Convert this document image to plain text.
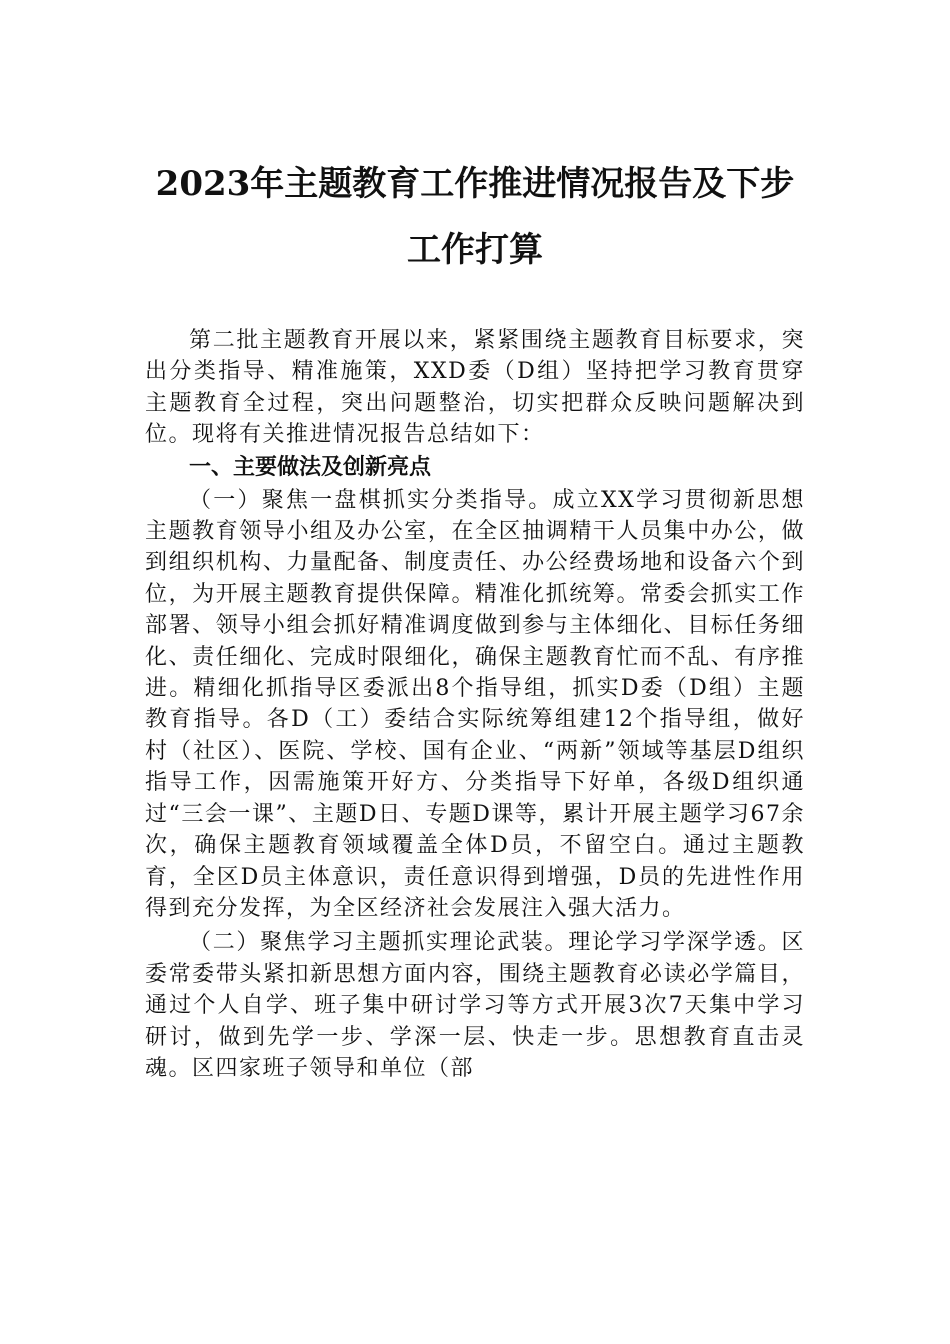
2023年主题教育工作推进情况报告及下步
工作打算

第二批主题教育开展以来，紧紧围绕主题教育目标要求，突出分类指导、精准施策，XXD委（D组）坚持把学习教育贯穿主题教育全过程，突出问题整治，切实把群众反映问题解决到位。现将有关推进情况报告总结如下：

一、主要做法及创新亮点

（一）聚焦一盘棋抓实分类指导。成立XX学习贯彻新思想主题教育领导小组及办公室，在全区抽调精干人员集中办公，做到组织机构、力量配备、制度责任、办公经费场地和设备六个到位，为开展主题教育提供保障。精准化抓统筹。常委会抓实工作部署、领导小组会抓好精准调度做到参与主体细化、目标任务细化、责任细化、完成时限细化，确保主题教育忙而不乱、有序推进。精细化抓指导区委派出8个指导组，抓实D委（D组）主题教育指导。各D（工）委结合实际统筹组建12个指导组，做好村（社区）、医院、学校、国有企业、“两新”领域等基层D组织指导工作，因需施策开好方、分类指导下好单，各级D组织通过“三会一课”、主题D日、专题D课等，累计开展主题学习67余次，确保主题教育领域覆盖全体D员，不留空白。通过主题教育，全区D员主体意识，责任意识得到增强，D员的先进性作用得到充分发挥，为全区经济社会发展注入强大活力。

（二）聚焦学习主题抓实理论武装。理论学习学深学透。区委常委带头紧扣新思想方面内容，围绕主题教育必读必学篇目，通过个人自学、班子集中研讨学习等方式开展3次7天集中学习研讨，做到先学一步、学深一层、快走一步。思想教育直击灵魂。区四家班子领导和单位（部
